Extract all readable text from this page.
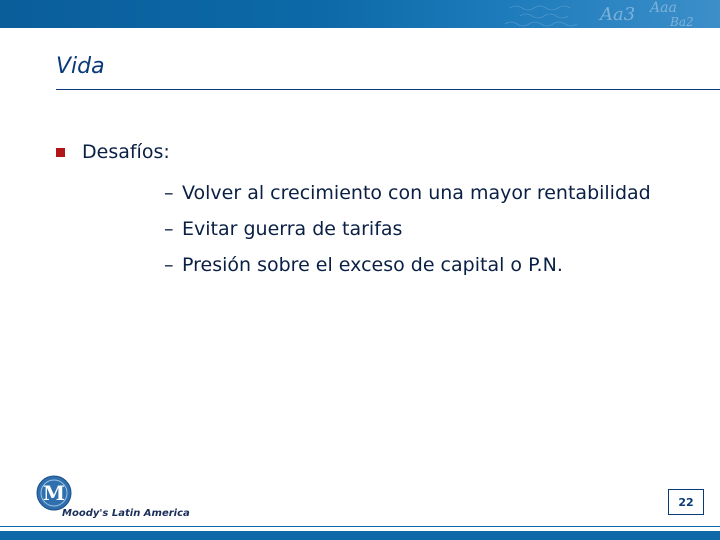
Aa3 Aaa
Ba2
Vida
Desafíos:
– Volver al crecimiento con una mayor rentabilidad
– Evitar guerra de tarifas
– Presión sobre el exceso de capital o P.N.
M
Moody's Latin America
22
